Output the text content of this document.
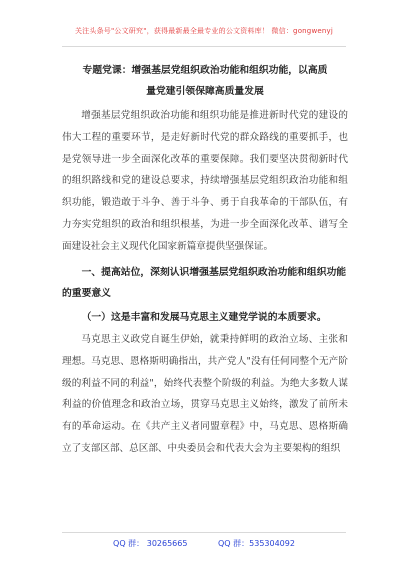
关注头条号"公文研究"，获得最新最全最专业的公文资料库！ 微信：gongwenyj
专题党课：增强基层党组织政治功能和组织功能，以高质
量党建引领保障高质量发展

增强基层党组织政治功能和组织功能是推进新时代党的建设的伟大工程的重要环节，是走好新时代党的群众路线的重要抓手，也是党领导进一步全面深化改革的重要保障。我们要坚决贯彻新时代的组织路线和党的建设总要求，持续增强基层党组织政治功能和组织功能，锻造敢于斗争、善于斗争、勇于自我革命的干部队伍，有力夯实党组织的政治和组织根基，为进一步全面深化改革、谱写全面建设社会主义现代化国家新篇章提供坚强保证。

一、提高站位，深刻认识增强基层党组织政治功能和组织功能的重要意义

（一）这是丰富和发展马克思主义建党学说的本质要求。

马克思主义政党自诞生伊始，就秉持鲜明的政治立场、主张和理想。马克思、恩格斯明确指出，共产党人"没有任何同整个无产阶级的利益不同的利益"，始终代表整个阶级的利益。为绝大多数人谋利益的价值理念和政治立场，贯穿马克思主义始终，激发了前所未有的革命运动。在《共产主义者同盟章程》中，马克思、恩格斯确立了支部区部、总区部、中央委员会和代表大会为主要架构的组织

QQ 群： 30265665	QQ 群：535304092
